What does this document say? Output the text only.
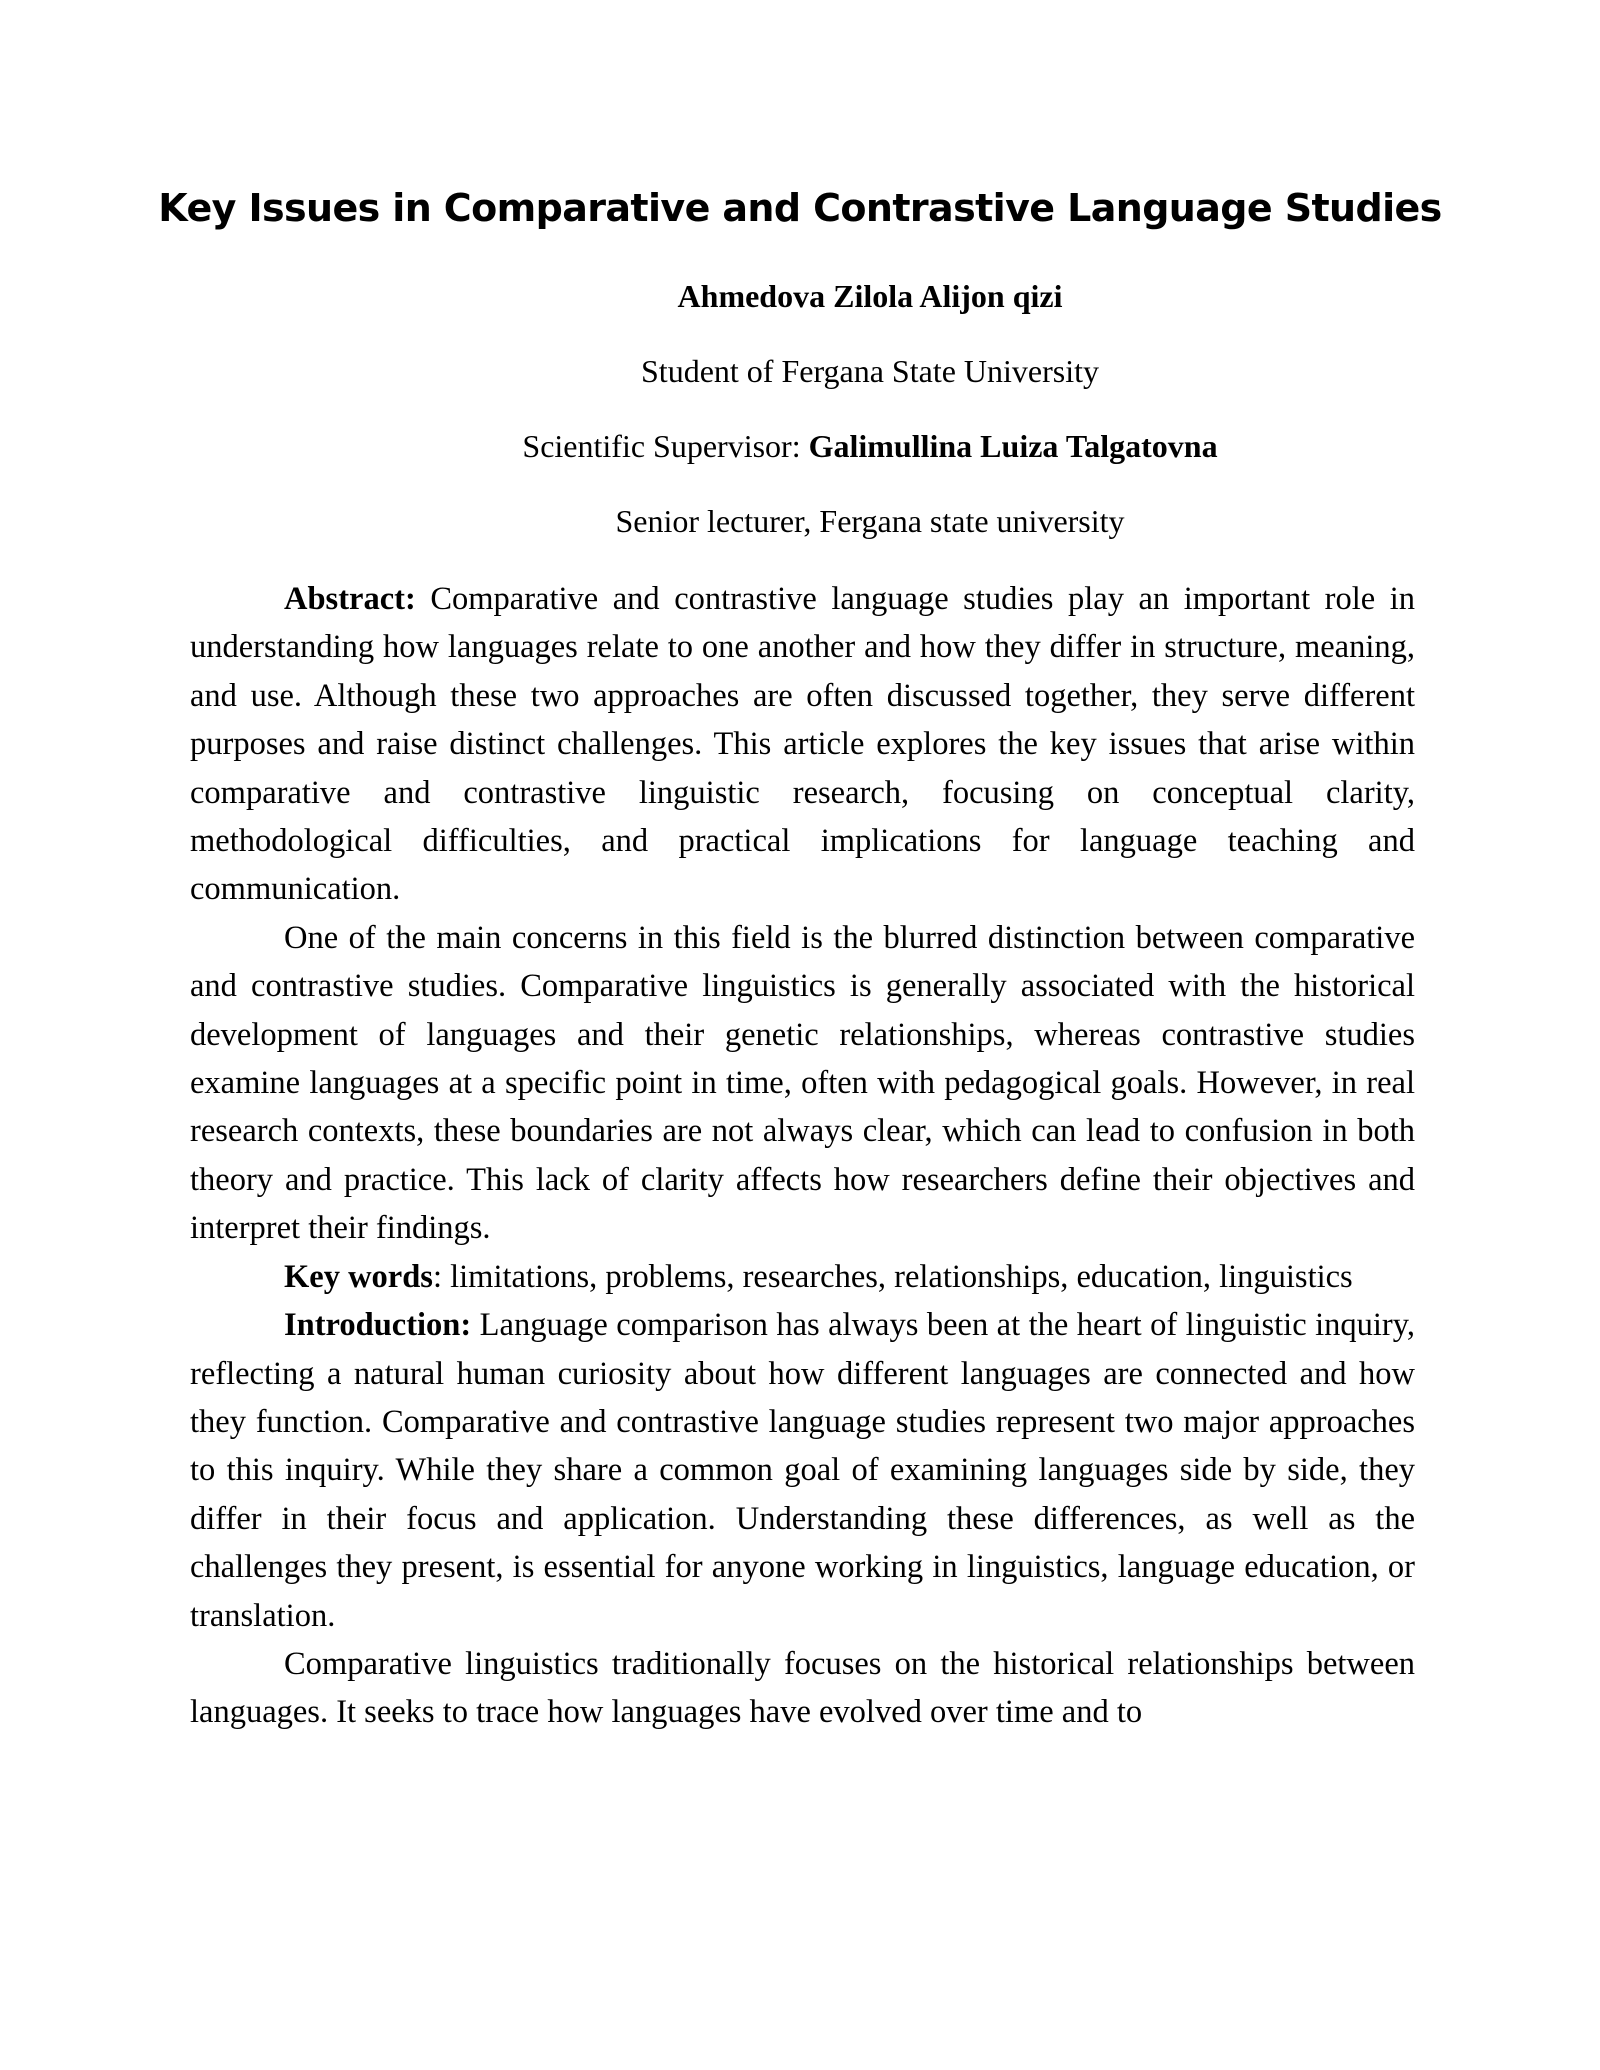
Key Issues in Comparative and Contrastive Language Studies

Ahmedova Zilola Alijon qizi

Student of Fergana State University

Scientific Supervisor: Galimullina Luiza Talgatovna

Senior lecturer, Fergana state university

Abstract: Comparative and contrastive language studies play an important role in understanding how languages relate to one another and how they differ in structure, meaning, and use. Although these two approaches are often discussed together, they serve different purposes and raise distinct challenges. This article explores the key issues that arise within comparative and contrastive linguistic research, focusing on conceptual clarity, methodological difficulties, and practical implications for language teaching and communication.

One of the main concerns in this field is the blurred distinction between comparative and contrastive studies. Comparative linguistics is generally associated with the historical development of languages and their genetic relationships, whereas contrastive studies examine languages at a specific point in time, often with pedagogical goals. However, in real research contexts, these boundaries are not always clear, which can lead to confusion in both theory and practice. This lack of clarity affects how researchers define their objectives and interpret their findings.

Key words: limitations, problems, researches, relationships, education, linguistics

Introduction: Language comparison has always been at the heart of linguistic inquiry, reflecting a natural human curiosity about how different languages are connected and how they function. Comparative and contrastive language studies represent two major approaches to this inquiry. While they share a common goal of examining languages side by side, they differ in their focus and application. Understanding these differences, as well as the challenges they present, is essential for anyone working in linguistics, language education, or translation.

Comparative linguistics traditionally focuses on the historical relationships between languages. It seeks to trace how languages have evolved over time and to
